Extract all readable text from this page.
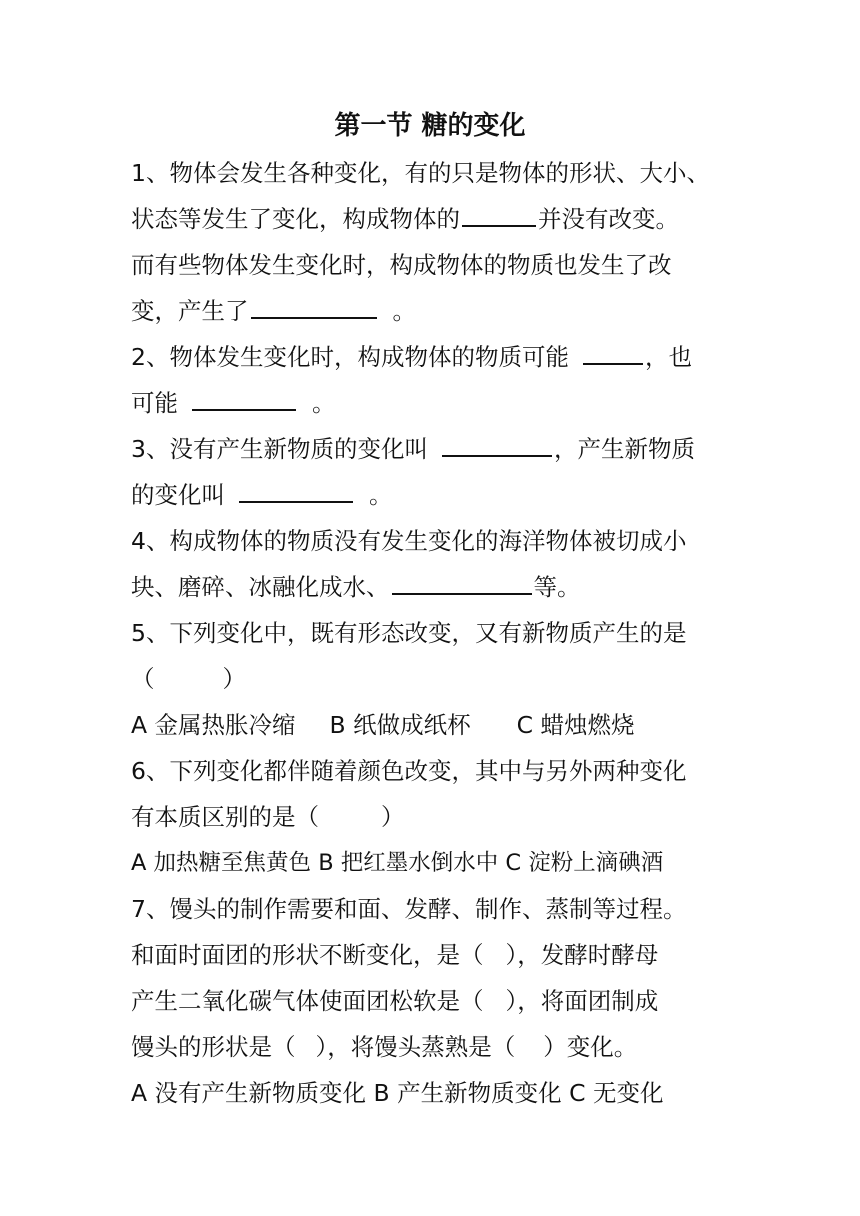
第一节 糖的变化
1、物体会发生各种变化，有的只是物体的形状、大小、
状态等发生了变化，构成物体的	并没有改变。
而有些物体发生变化时，构成物体的物质也发生了改
变，产生了	。
2、物体发生变化时，构成物体的物质可能	，也
可能	。
3、没有产生新物质的变化叫	，产生新物质
的变化叫	。
4、构成物体的物质没有发生变化的海洋物体被切成小
块、磨碎、冰融化成水、	等。
5、下列变化中，既有形态改变，又有新物质产生的是
（	）
A 金属热胀冷缩 B 纸做成纸杯 C 蜡烛燃烧
6、下列变化都伴随着颜色改变，其中与另外两种变化
有本质区别的是（	）
A 加热糖至焦黄色 B 把红墨水倒水中 C 淀粉上滴碘酒
7、馒头的制作需要和面、发酵、制作、蒸制等过程。
和面时面团的形状不断变化，是（ ），发酵时酵母
产生二氧化碳气体使面团松软是（ ），将面团制成
馒头的形状是（ ），将馒头蒸熟是（ ）变化。
A 没有产生新物质变化 B 产生新物质变化 C 无变化
